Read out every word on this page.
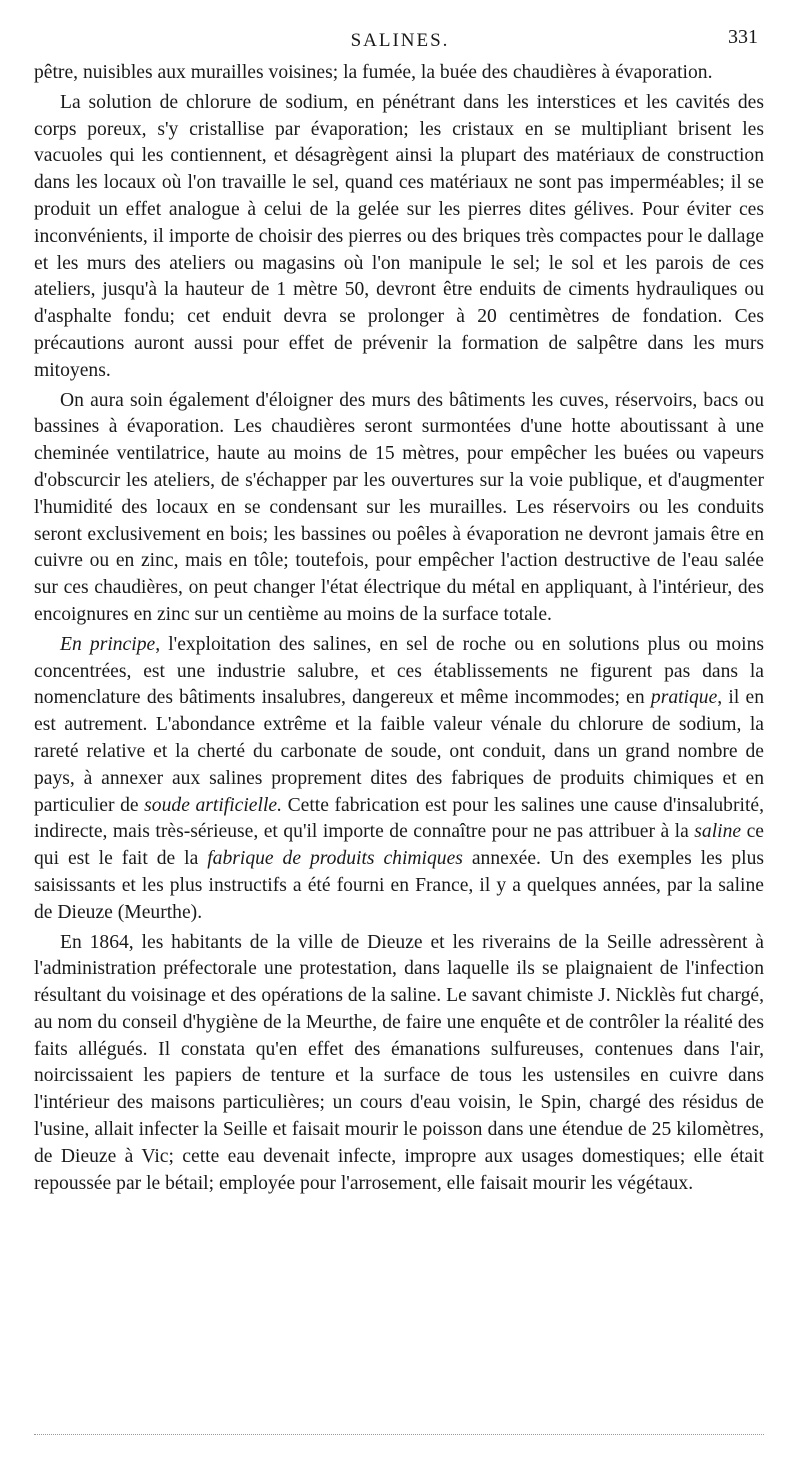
SALINES.	331

pêtre, nuisibles aux murailles voisines; la fumée, la buée des chaudières à évaporation.

La solution de chlorure de sodium, en pénétrant dans les interstices et les cavités des corps poreux, s'y cristallise par évaporation; les cristaux en se multipliant brisent les vacuoles qui les contiennent, et désagrègent ainsi la plupart des matériaux de construction dans les locaux où l'on travaille le sel, quand ces matériaux ne sont pas imperméables; il se produit un effet analogue à celui de la gelée sur les pierres dites gélives. Pour éviter ces inconvénients, il importe de choisir des pierres ou des briques très compactes pour le dallage et les murs des ateliers ou magasins où l'on manipule le sel; le sol et les parois de ces ateliers, jusqu'à la hauteur de 1 mètre 50, devront être enduits de ciments hydrauliques ou d'asphalte fondu; cet enduit devra se prolonger à 20 centimètres de fondation. Ces précautions auront aussi pour effet de prévenir la formation de salpêtre dans les murs mitoyens.

On aura soin également d'éloigner des murs des bâtiments les cuves, réservoirs, bacs ou bassines à évaporation. Les chaudières seront surmontées d'une hotte aboutissant à une cheminée ventilatrice, haute au moins de 15 mètres, pour empêcher les buées ou vapeurs d'obscurcir les ateliers, de s'échapper par les ouvertures sur la voie publique, et d'augmenter l'humidité des locaux en se condensant sur les murailles. Les réservoirs ou les conduits seront exclusivement en bois; les bassines ou poêles à évaporation ne devront jamais être en cuivre ou en zinc, mais en tôle; toutefois, pour empêcher l'action destructive de l'eau salée sur ces chaudières, on peut changer l'état électrique du métal en appliquant, à l'intérieur, des encoignures en zinc sur un centième au moins de la surface totale.

En principe, l'exploitation des salines, en sel de roche ou en solutions plus ou moins concentrées, est une industrie salubre, et ces établissements ne figurent pas dans la nomenclature des bâtiments insalubres, dangereux et même incommodes; en pratique, il en est autrement. L'abondance extrême et la faible valeur vénale du chlorure de sodium, la rareté relative et la cherté du carbonate de soude, ont conduit, dans un grand nombre de pays, à annexer aux salines proprement dites des fabriques de produits chimiques et en particulier de soude artificielle. Cette fabrication est pour les salines une cause d'insalubrité, indirecte, mais très-sérieuse, et qu'il importe de connaître pour ne pas attribuer à la saline ce qui est le fait de la fabrique de produits chimiques annexée. Un des exemples les plus saisissants et les plus instructifs a été fourni en France, il y a quelques années, par la saline de Dieuze (Meurthe).

En 1864, les habitants de la ville de Dieuze et les riverains de la Seille adressèrent à l'administration préfectorale une protestation, dans laquelle ils se plaignaient de l'infection résultant du voisinage et des opérations de la saline. Le savant chimiste J. Nicklès fut chargé, au nom du conseil d'hygiène de la Meurthe, de faire une enquête et de contrôler la réalité des faits allégués. Il constata qu'en effet des émanations sulfureuses, contenues dans l'air, noircissaient les papiers de tenture et la surface de tous les ustensiles en cuivre dans l'intérieur des maisons particulières; un cours d'eau voisin, le Spin, chargé des résidus de l'usine, allait infecter la Seille et faisait mourir le poisson dans une étendue de 25 kilomètres, de Dieuze à Vic; cette eau devenait infecte, impropre aux usages domestiques; elle était repoussée par le bétail; employée pour l'arrosement, elle faisait mourir les végétaux.
